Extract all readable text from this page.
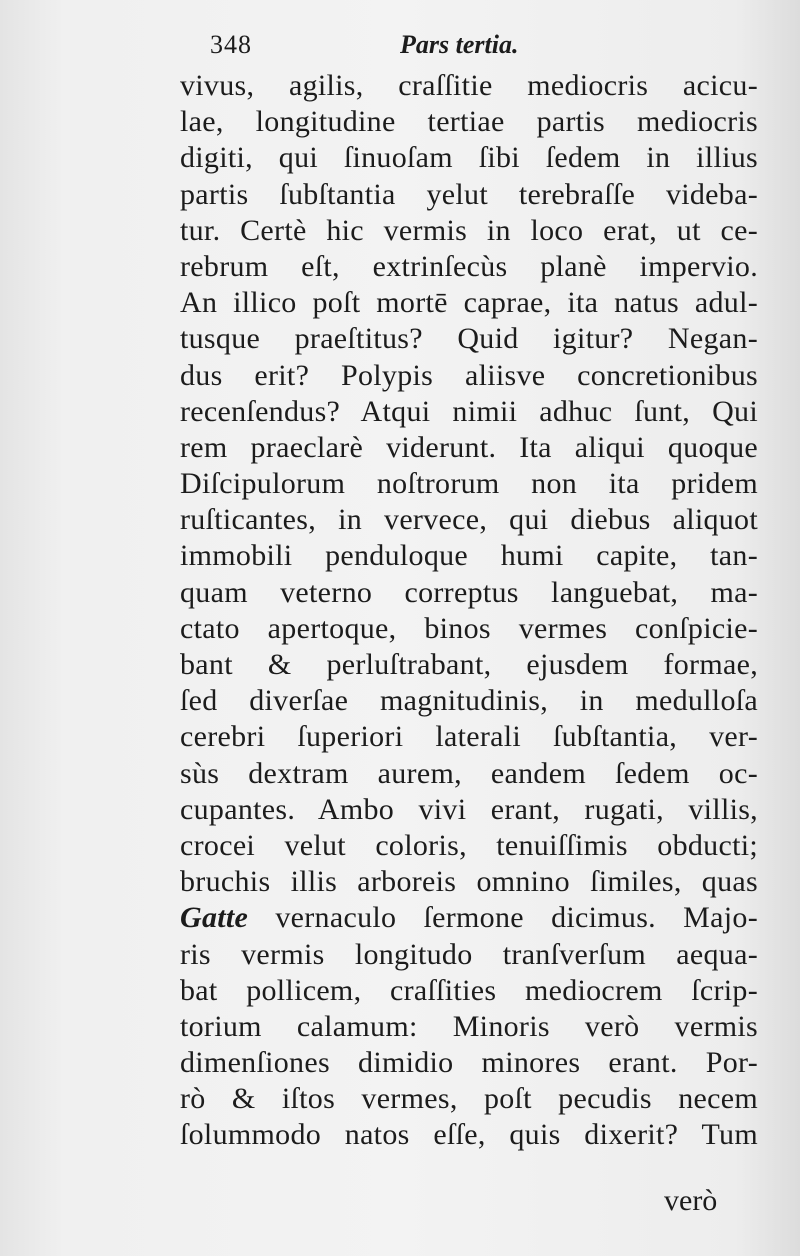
348	Pars tertia.
vivus, agilis, craſſitie mediocris acicu-
lae, longitudine tertiae partis mediocris
digiti, qui ſinuoſam ſibi ſedem in illius
partis ſubſtantia yelut terebraſſe videba-
tur. Certè hic vermis in loco erat, ut ce-
rebrum eſt, extrinſecùs planè impervio.
An illico poſt mortē caprae, ita natus adul-
tusque praeſtitus? Quid igitur? Negan-
dus erit? Polypis aliisve concretionibus
recenſendus? Atqui nimii adhuc ſunt, Qui
rem praeclarè viderunt. Ita aliqui quoque
Diſcipulorum noſtrorum non ita pridem
ruſticantes, in vervece, qui diebus aliquot
immobili penduloque humi capite, tan-
quam veterno correptus languebat, ma-
ctato apertoque, binos vermes conſpicie-
bant & perluſtrabant, ejusdem formae,
ſed diverſae magnitudinis, in medulloſa
cerebri ſuperiori laterali ſubſtantia, ver-
sùs dextram aurem, eandem ſedem oc-
cupantes. Ambo vivi erant, rugati, villis,
crocei velut coloris, tenuiſſimis obducti;
bruchis illis arboreis omnino ſimiles, quas
Gatte vernaculo ſermone dicimus. Majo-
ris vermis longitudo tranſverſum aequa-
bat pollicem, craſſities mediocrem ſcrip-
torium calamum: Minoris verò vermis
dimenſiones dimidio minores erant. Por-
rò & iſtos vermes, poſt pecudis necem
ſolummodo natos eſſe, quis dixerit? Tum
verò
